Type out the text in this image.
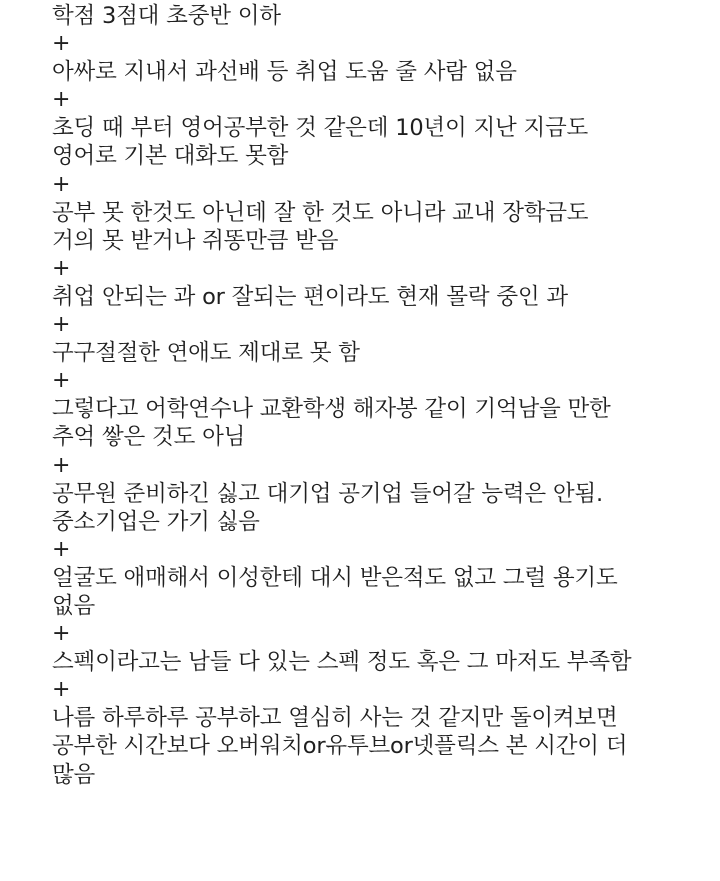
학점 3점대 초중반 이하
+
아싸로 지내서 과선배 등 취업 도움 줄 사람 없음
+
초딩 때 부터 영어공부한 것 같은데 10년이 지난 지금도
영어로 기본 대화도 못함
+
공부 못 한것도 아닌데 잘 한 것도 아니라 교내 장학금도
거의 못 받거나 쥐똥만큼 받음
+
취업 안되는 과 or 잘되는 편이라도 현재 몰락 중인 과
+
구구절절한 연애도 제대로 못 함
+
그렇다고 어학연수나 교환학생 해자봉 같이 기억남을 만한
추억 쌓은 것도 아님
+
공무원 준비하긴 싫고 대기업 공기업 들어갈 능력은 안됨.
중소기업은 가기 싫음
+
얼굴도 애매해서 이성한테 대시 받은적도 없고 그럴 용기도
없음
+
스펙이라고는 남들 다 있는 스펙 정도 혹은 그 마저도 부족함
+
나름 하루하루 공부하고 열심히 사는 것 같지만 돌이켜보면
공부한 시간보다 오버워치or유투브or넷플릭스 본 시간이 더
많음
